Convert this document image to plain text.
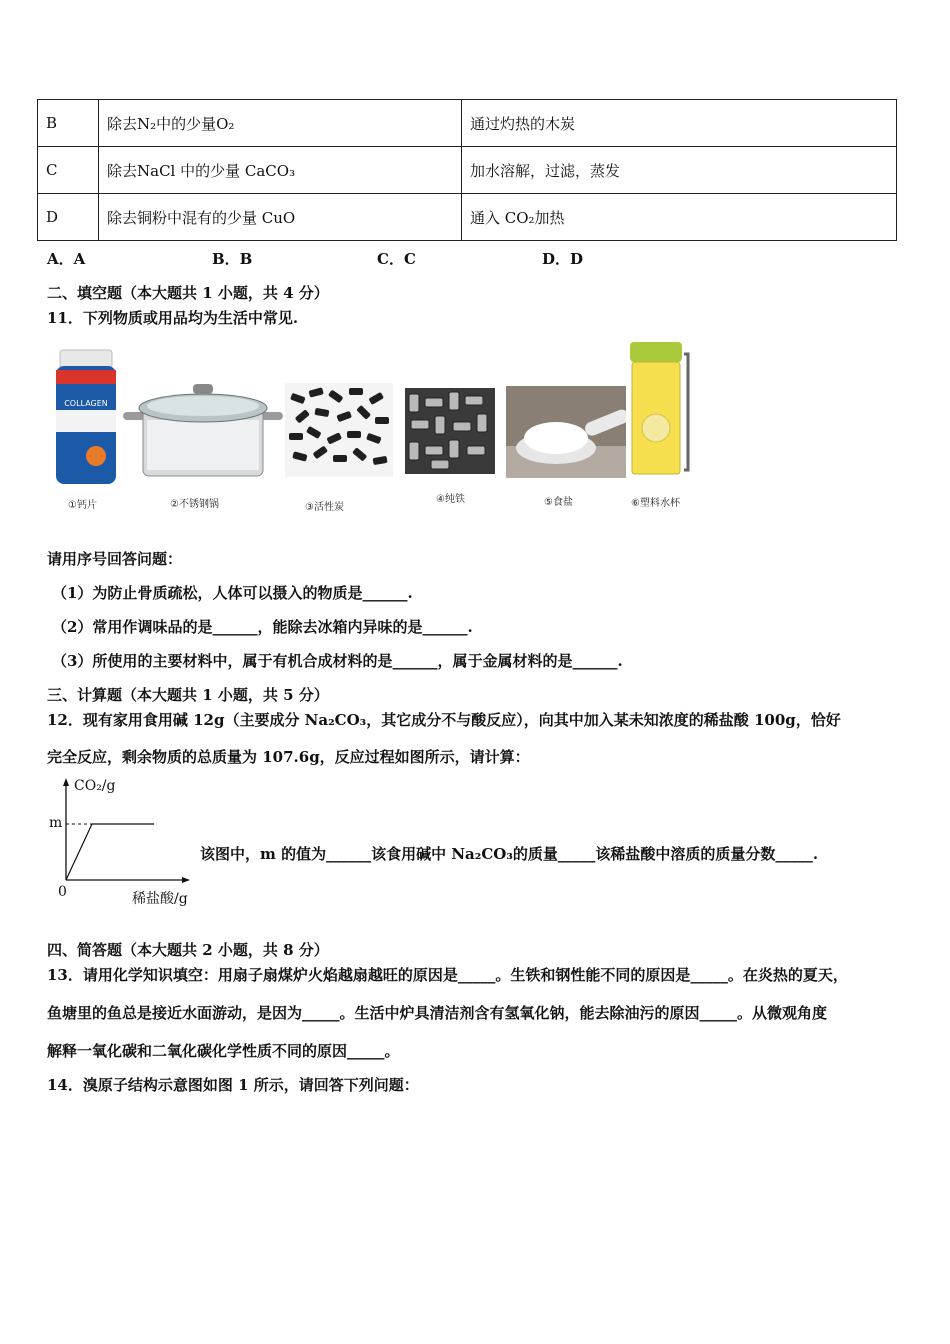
B	除去N₂中的少量O₂	通过灼热的木炭
C	除去NaCl 中的少量 CaCO₃	加水溶解，过滤，蒸发
D	除去铜粉中混有的少量 CuO	通入 CO₂加热
A．A	B．B	C．C	D．D
二、填空题（本大题共 1 小题，共 4 分）
11．下列物质或用品均为生活中常见.
COLLAGEN
①钙片	②不锈钢锅	③活性炭
④纯铁	⑤食盐	⑥塑料水杯
请用序号回答问题：
（1）为防止骨质疏松，人体可以摄入的物质是______.
（2）常用作调味品的是______，能除去冰箱内异味的是______.
（3）所使用的主要材料中，属于有机合成材料的是______，属于金属材料的是______.
三、计算题（本大题共 1 小题，共 5 分）
12．现有家用食用碱 12g（主要成分 Na₂CO₃，其它成分不与酸反应），向其中加入某未知浓度的稀盐酸 100g，恰好
完全反应，剩余物质的总质量为 107.6g，反应过程如图所示，请计算：
CO₂/g
m
0	稀盐酸/g
该图中，m 的值为______该食用碱中 Na₂CO₃的质量_____该稀盐酸中溶质的质量分数_____.
四、简答题（本大题共 2 小题，共 8 分）
13．请用化学知识填空：用扇子扇煤炉火焰越扇越旺的原因是_____。生铁和钢性能不同的原因是_____。在炎热的夏天，
鱼塘里的鱼总是接近水面游动，是因为_____。生活中炉具清洁剂含有氢氧化钠，能去除油污的原因_____。从微观角度
解释一氧化碳和二氧化碳化学性质不同的原因_____。
14．溴原子结构示意图如图 1 所示，请回答下列问题：
